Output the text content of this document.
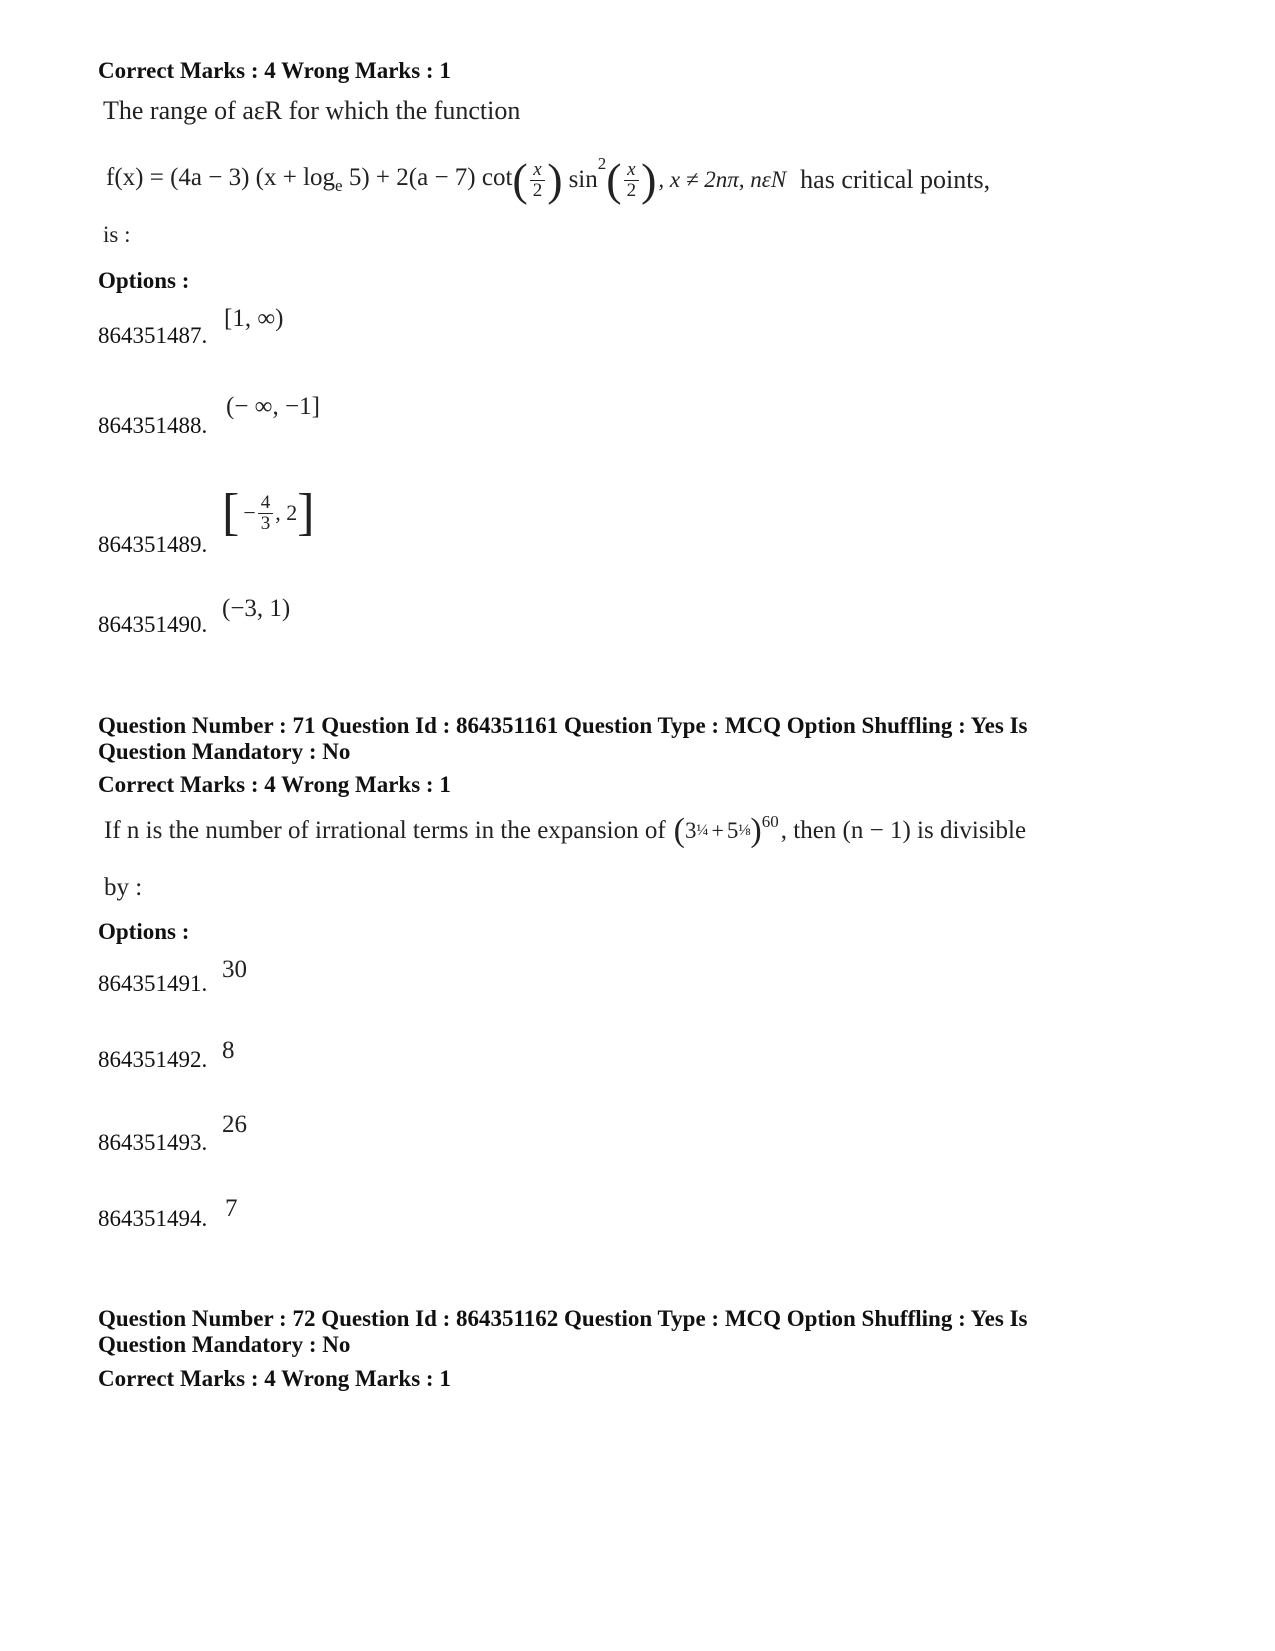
Correct Marks : 4 Wrong Marks : 1
The range of aεR for which the function
f(x) = (4a − 3) $(x + \log_e 5) + 2(a - 7)$ cot ( $\frac{x}{2}$ ) sin
$^2$ ( $\frac{x}{2}$ ) , x ≠ 2nπ, nεN has critical points,
is :
Options :
864351487.
[1, ∞)
864351488.
(− ∞, −1]
864351489.
[ − $\frac{4}{3}$ , 2 ]
864351490.
(−3, 1)
Question Number : 71 Question Id : 864351161 Question Type : MCQ Option Shuffling : Yes Is
Question Mandatory : No
Correct Marks : 4 Wrong Marks : 1
If n is the number of irrational terms in the expansion of ( 3 ¼ + 5 ⅛ )$^{60}$ , then (n − 1) is divisible
by :
Options :
864351491.
30
864351492. 8
864351493.
26
864351494. 7
Question Number : 72 Question Id : 864351162 Question Type : MCQ Option Shuffling : Yes Is
Question Mandatory : No
Correct Marks : 4 Wrong Marks : 1
